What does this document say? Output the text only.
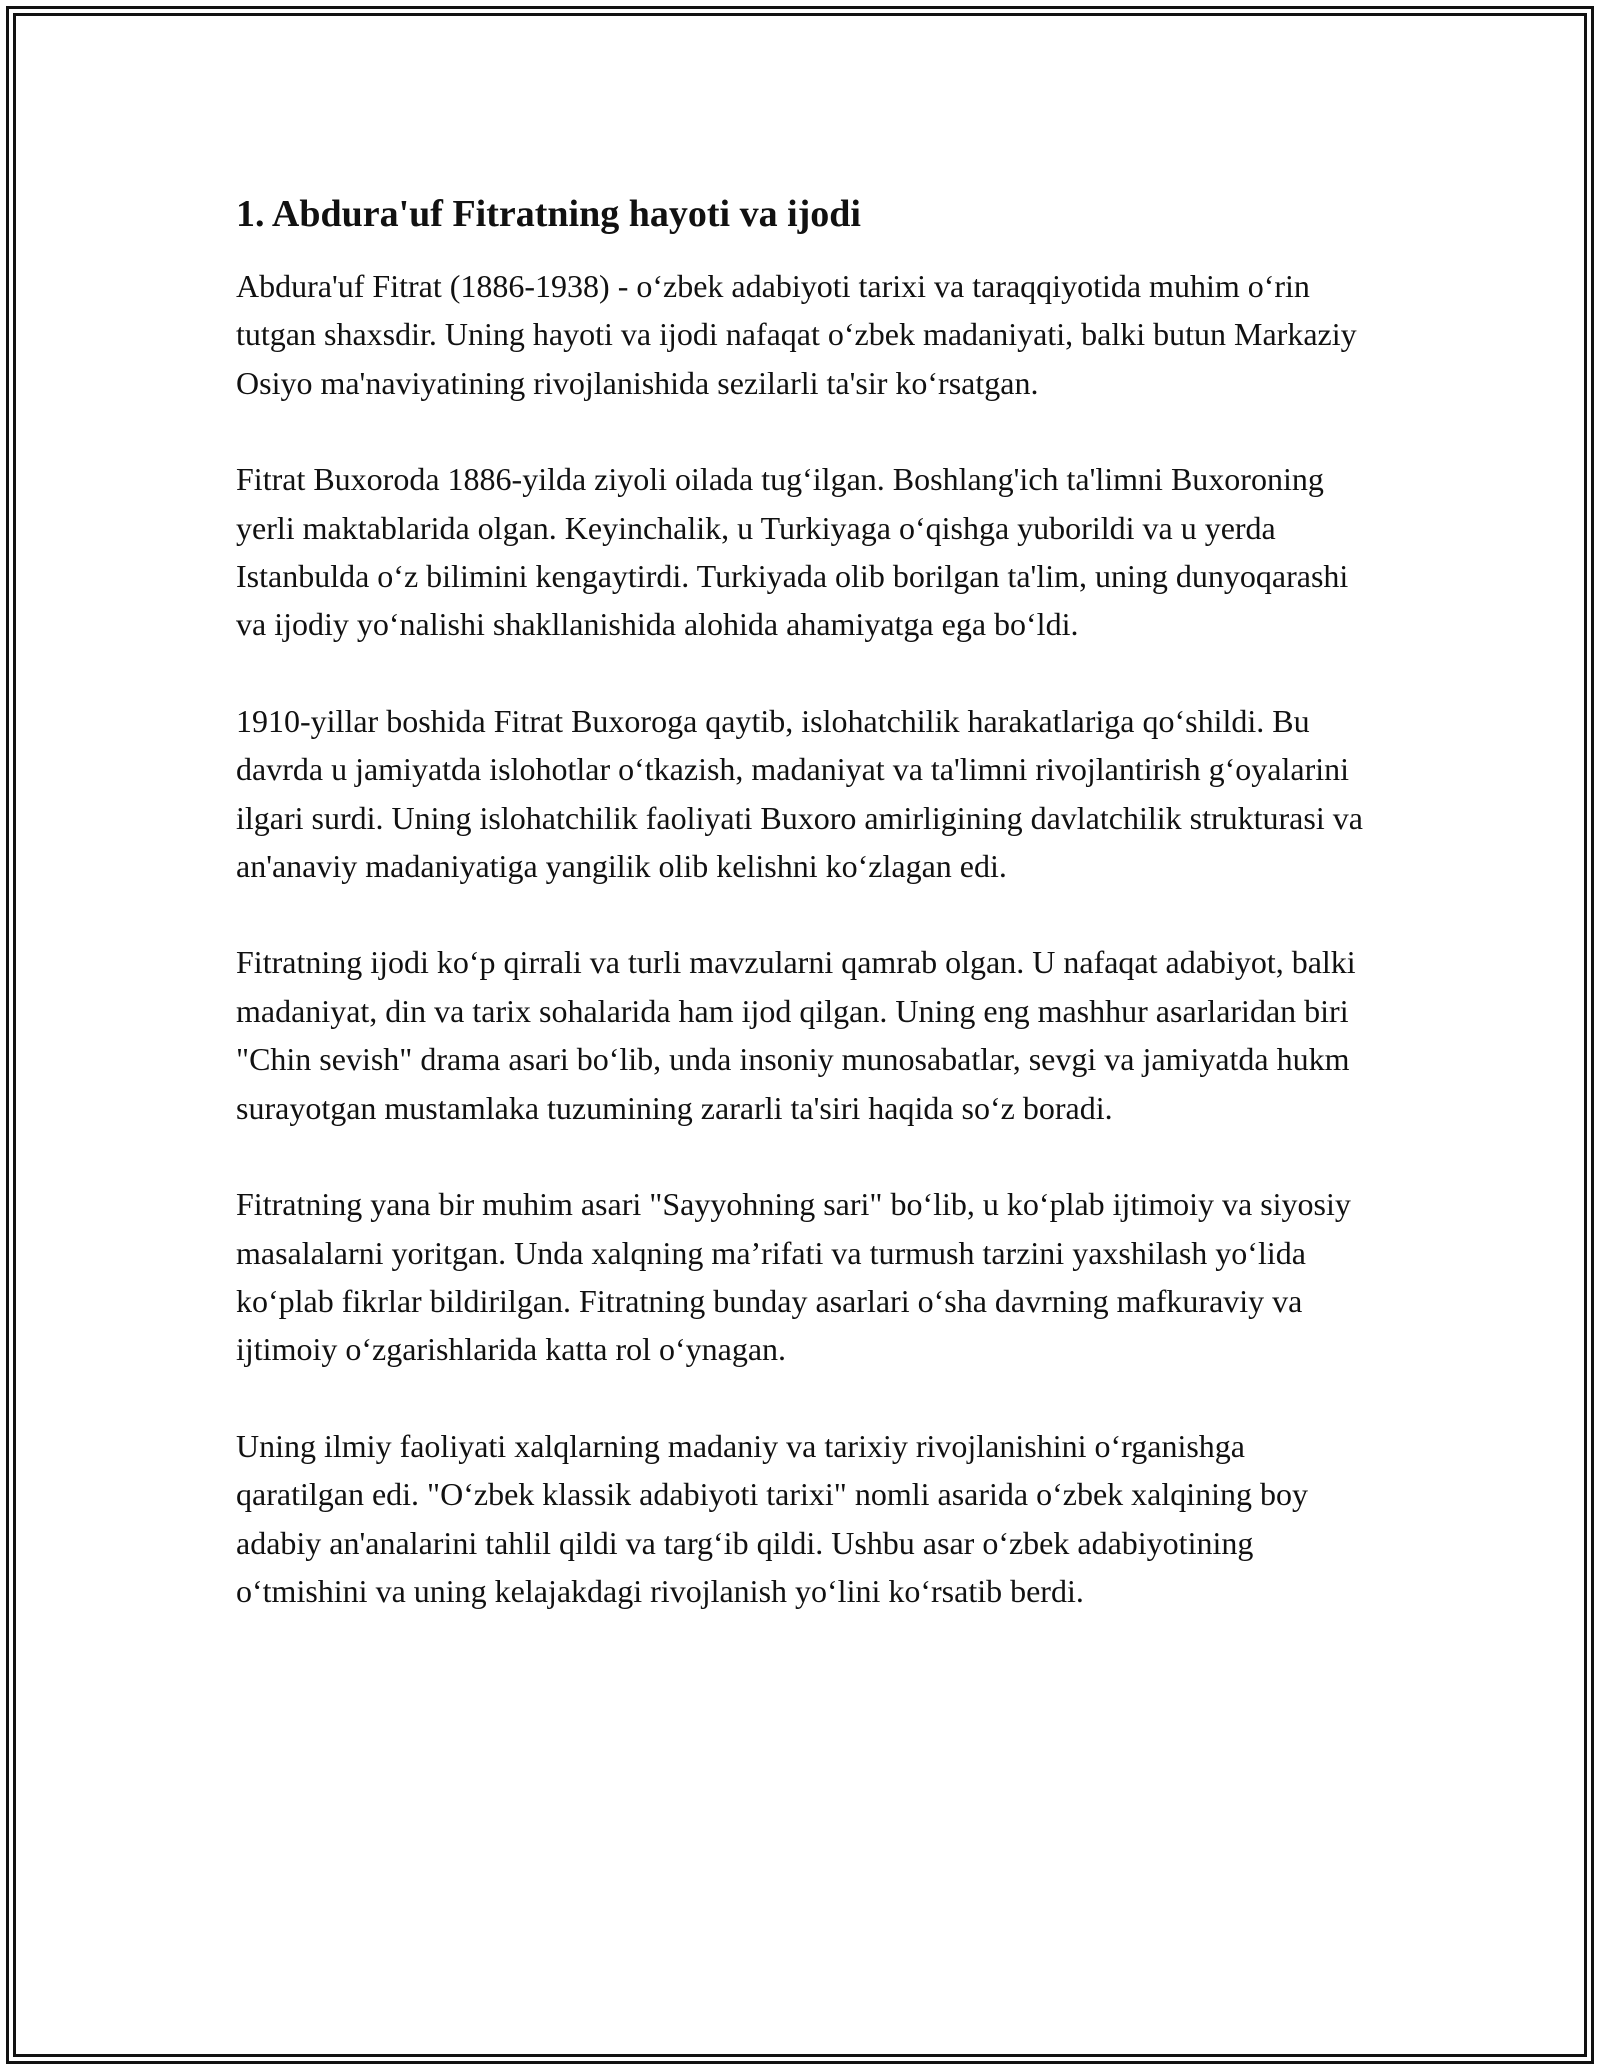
1. Abdura'uf Fitratning hayoti va ijodi

Abdura'uf Fitrat (1886-1938) - o‘zbek adabiyoti tarixi va taraqqiyotida muhim o‘rin tutgan shaxsdir. Uning hayoti va ijodi nafaqat o‘zbek madaniyati, balki butun Markaziy Osiyo ma'naviyatining rivojlanishida sezilarli ta'sir ko‘rsatgan.

Fitrat Buxoroda 1886-yilda ziyoli oilada tug‘ilgan. Boshlang'ich ta'limni Buxoroning yerli maktablarida olgan. Keyinchalik, u Turkiyaga o‘qishga yuborildi va u yerda Istanbulda o‘z bilimini kengaytirdi. Turkiyada olib borilgan ta'lim, uning dunyoqarashi va ijodiy yo‘nalishi shakllanishida alohida ahamiyatga ega bo‘ldi.

1910-yillar boshida Fitrat Buxoroga qaytib, islohatchilik harakatlariga qo‘shildi. Bu davrda u jamiyatda islohotlar o‘tkazish, madaniyat va ta'limni rivojlantirish g‘oyalarini ilgari surdi. Uning islohatchilik faoliyati Buxoro amirligining davlatchilik strukturasi va an'anaviy madaniyatiga yangilik olib kelishni ko‘zlagan edi.

Fitratning ijodi ko‘p qirrali va turli mavzularni qamrab olgan. U nafaqat adabiyot, balki madaniyat, din va tarix sohalarida ham ijod qilgan. Uning eng mashhur asarlaridan biri "Chin sevish" drama asari bo‘lib, unda insoniy munosabatlar, sevgi va jamiyatda hukm surayotgan mustamlaka tuzumining zararli ta'siri haqida so‘z boradi.

Fitratning yana bir muhim asari "Sayyohning sari" bo‘lib, u ko‘plab ijtimoiy va siyosiy masalalarni yoritgan. Unda xalqning ma’rifati va turmush tarzini yaxshilash yo‘lida ko‘plab fikrlar bildirilgan. Fitratning bunday asarlari o‘sha davrning mafkuraviy va ijtimoiy o‘zgarishlarida katta rol o‘ynagan.

Uning ilmiy faoliyati xalqlarning madaniy va tarixiy rivojlanishini o‘rganishga qaratilgan edi. "O‘zbek klassik adabiyoti tarixi" nomli asarida o‘zbek xalqining boy adabiy an'analarini tahlil qildi va targ‘ib qildi. Ushbu asar o‘zbek adabiyotining o‘tmishini va uning kelajakdagi rivojlanish yo‘lini ko‘rsatib berdi.
